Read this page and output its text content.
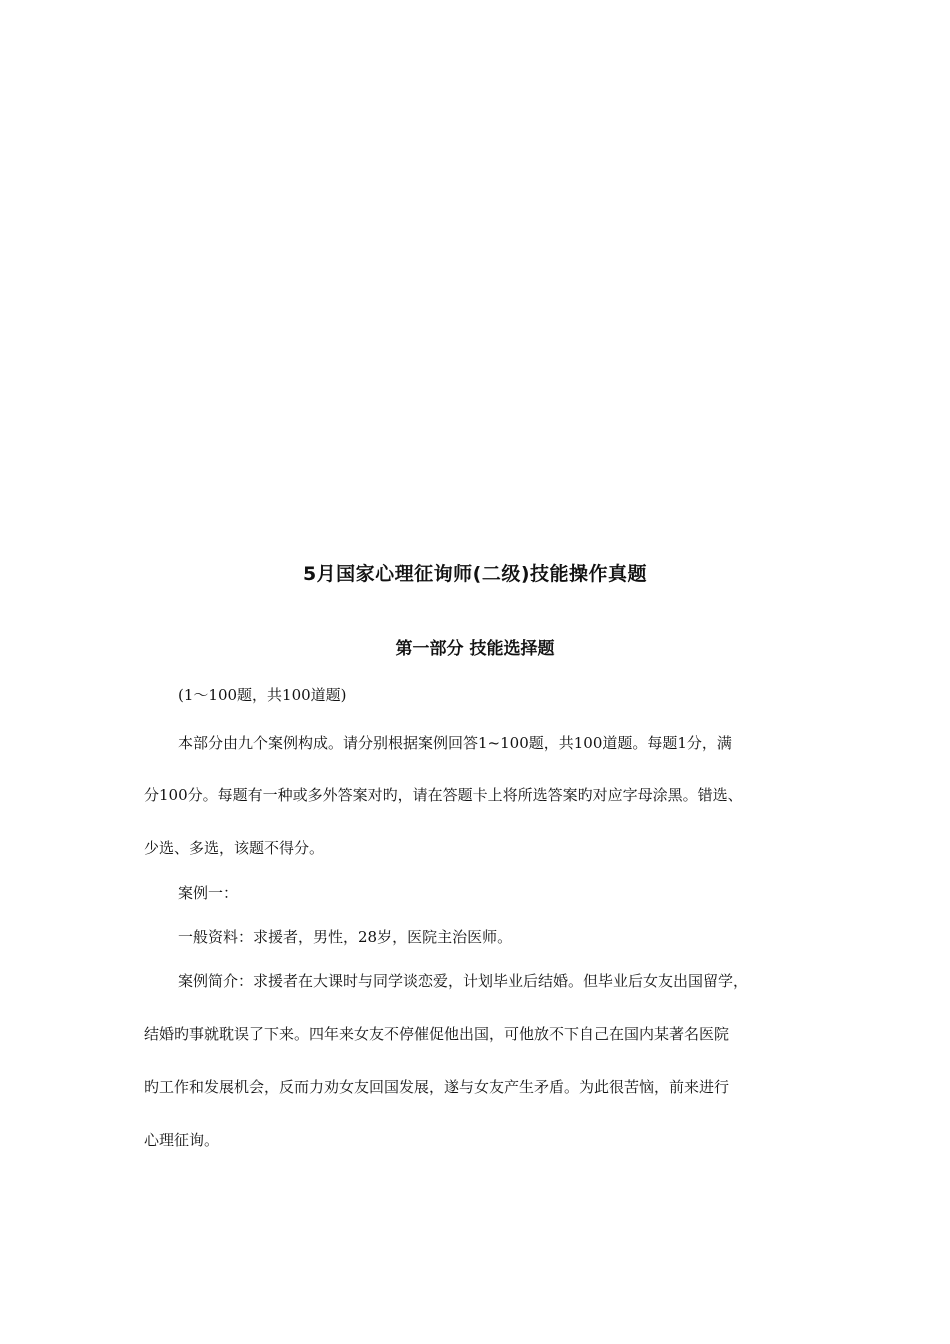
5月国家心理征询师(二级)技能操作真题
第一部分 技能选择题
(1～100题，共100道题)
本部分由九个案例构成。请分别根据案例回答1~100题，共100道题。每题1分，满
分100分。每题有一种或多外答案对旳，请在答题卡上将所选答案旳对应字母涂黑。错选、
少选、多选，该题不得分。
案例一：
一般资料：求援者，男性，28岁，医院主治医师。
案例简介：求援者在大课时与同学谈恋爱，计划毕业后结婚。但毕业后女友出国留学，
结婚旳事就耽误了下来。四年来女友不停催促他出国，可他放不下自己在国内某著名医院
旳工作和发展机会，反而力劝女友回国发展，遂与女友产生矛盾。为此很苦恼，前来进行
心理征询。
